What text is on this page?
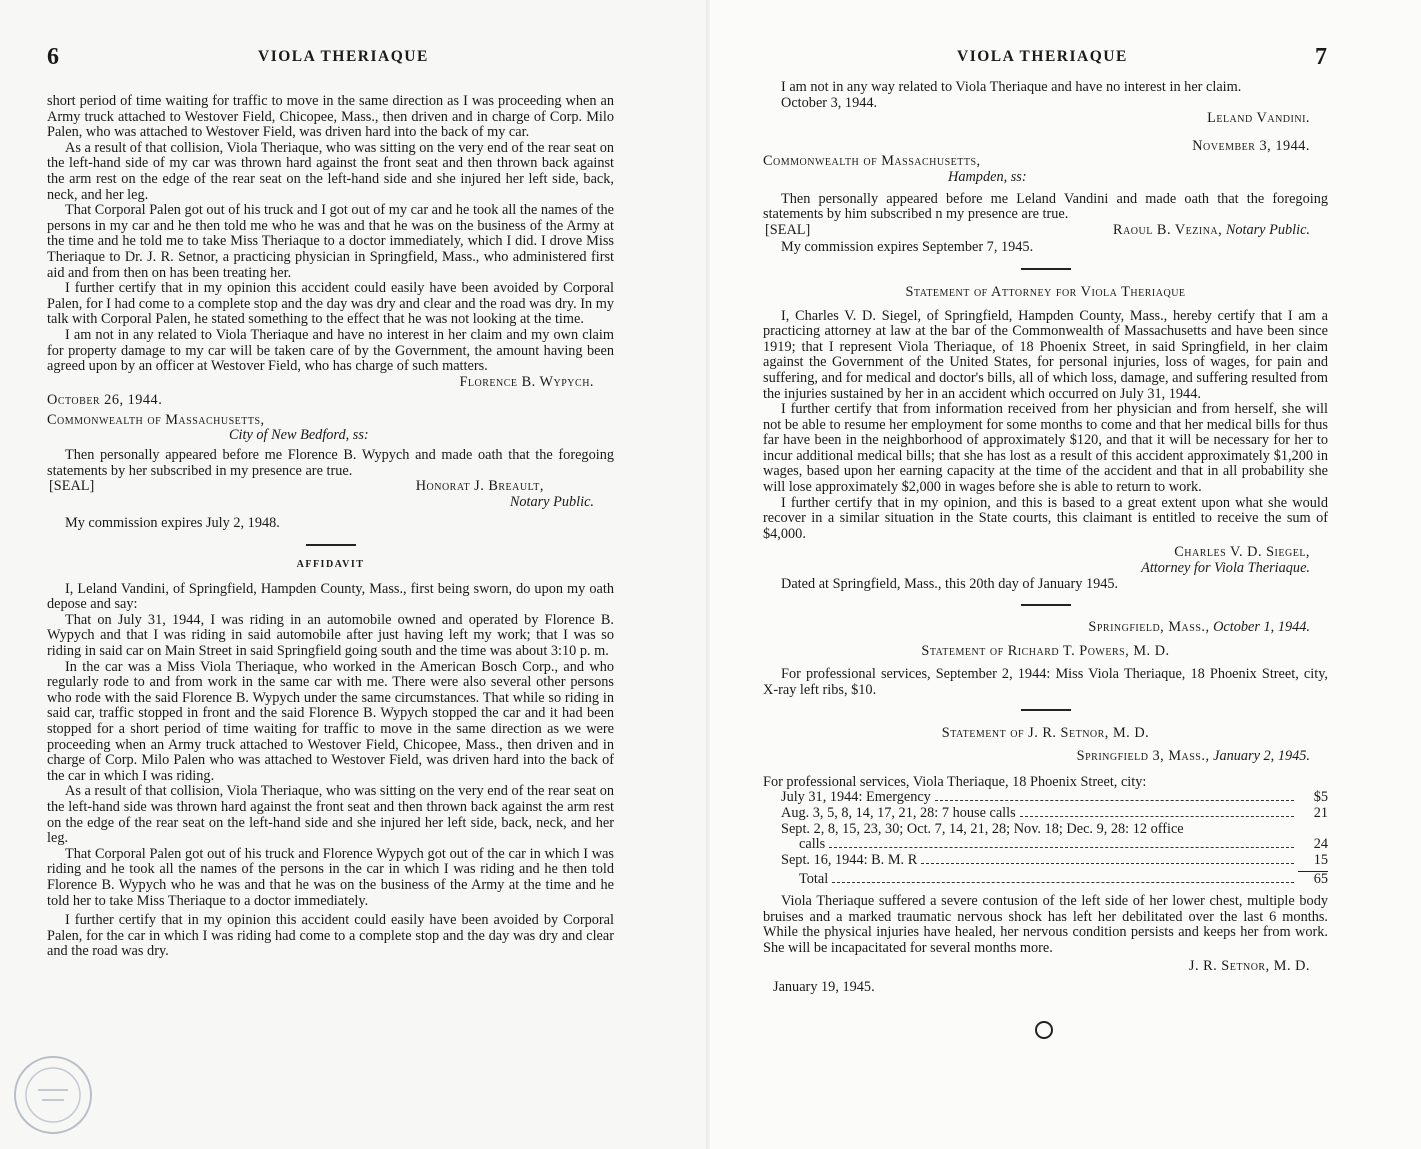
6	VIOLA THERIAQUE

short period of time waiting for traffic to move in the same direction as I was proceeding when an Army truck attached to Westover Field, Chicopee, Mass., then driven and in charge of Corp. Milo Palen, who was attached to Westover Field, was driven hard into the back of my car.

As a result of that collision, Viola Theriaque, who was sitting on the very end of the rear seat on the left-hand side of my car was thrown hard against the front seat and then thrown back against the arm rest on the edge of the rear seat on the left-hand side and she injured her left side, back, neck, and her leg.

That Corporal Palen got out of his truck and I got out of my car and he took all the names of the persons in my car and he then told me who he was and that he was on the business of the Army at the time and he told me to take Miss Theriaque to a doctor immediately, which I did. I drove Miss Theriaque to Dr. J. R. Setnor, a practicing physician in Springfield, Mass., who administered first aid and from then on has been treating her.

I further certify that in my opinion this accident could easily have been avoided by Corporal Palen, for I had come to a complete stop and the day was dry and clear and the road was dry. In my talk with Corporal Palen, he stated something to the effect that he was not looking at the time.

I am not in any related to Viola Theriaque and have no interest in her claim and my own claim for property damage to my car will be taken care of by the Government, the amount having been agreed upon by an officer at Westover Field, who has charge of such matters.

Florence B. Wypych.

October 26, 1944.

Commonwealth of Massachusetts,

City of New Bedford, ss:

Then personally appeared before me Florence B. Wypych and made oath that the foregoing statements by her subscribed in my presence are true.

[SEAL]	Honorat J. Breault,

Notary Public.

My commission expires July 2, 1948.

AFFIDAVIT

I, Leland Vandini, of Springfield, Hampden County, Mass., first being sworn, do upon my oath depose and say:

That on July 31, 1944, I was riding in an automobile owned and operated by Florence B. Wypych and that I was riding in said automobile after just having left my work; that I was so riding in said car on Main Street in said Springfield going south and the time was about 3:10 p. m.

In the car was a Miss Viola Theriaque, who worked in the American Bosch Corp., and who regularly rode to and from work in the same car with me. There were also several other persons who rode with the said Florence B. Wypych under the same circumstances. That while so riding in said car, traffic stopped in front and the said Florence B. Wypych stopped the car and it had been stopped for a short period of time waiting for traffic to move in the same direction as we were proceeding when an Army truck attached to Westover Field, Chicopee, Mass., then driven and in charge of Corp. Milo Palen who was attached to Westover Field, was driven hard into the back of the car in which I was riding.

As a result of that collision, Viola Theriaque, who was sitting on the very end of the rear seat on the left-hand side was thrown hard against the front seat and then thrown back against the arm rest on the edge of the rear seat on the left-hand side and she injured her left side, back, neck, and her leg.

That Corporal Palen got out of his truck and Florence Wypych got out of the car in which I was riding and he took all the names of the persons in the car in which I was riding and he then told Florence B. Wypych who he was and that he was on the business of the Army at the time and he told her to take Miss Theriaque to a doctor immediately.

I further certify that in my opinion this accident could easily have been avoided by Corporal Palen, for the car in which I was riding had come to a complete stop and the day was dry and clear and the road was dry.

VIOLA THERIAQUE	7

I am not in any way related to Viola Theriaque and have no interest in her claim.

October 3, 1944.

Leland Vandini.

November 3, 1944.

Commonwealth of Massachusetts,

Hampden, ss:

Then personally appeared before me Leland Vandini and made oath that the foregoing statements by him subscribed n my presence are true.

[SEAL]	Raoul B. Vezina, Notary Public.

My commission expires September 7, 1945.

Statement of Attorney for Viola Theriaque

I, Charles V. D. Siegel, of Springfield, Hampden County, Mass., hereby certify that I am a practicing attorney at law at the bar of the Commonwealth of Massachusetts and have been since 1919; that I represent Viola Theriaque, of 18 Phoenix Street, in said Springfield, in her claim against the Government of the United States, for personal injuries, loss of wages, for pain and suffering, and for medical and doctor's bills, all of which loss, damage, and suffering resulted from the injuries sustained by her in an accident which occurred on July 31, 1944.

I further certify that from information received from her physician and from herself, she will not be able to resume her employment for some months to come and that her medical bills for thus far have been in the neighborhood of approximately $120, and that it will be necessary for her to incur additional medical bills; that she has lost as a result of this accident approximately $1,200 in wages, based upon her earning capacity at the time of the accident and that in all probability she will lose approximately $2,000 in wages before she is able to return to work.

I further certify that in my opinion, and this is based to a great extent upon what she would recover in a similar situation in the State courts, this claimant is entitled to receive the sum of $4,000.

Charles V. D. Siegel,

Attorney for Viola Theriaque.

Dated at Springfield, Mass., this 20th day of January 1945.

Springfield, Mass., October 1, 1944.

Statement of Richard T. Powers, M. D.

For professional services, September 2, 1944: Miss Viola Theriaque, 18 Phoenix Street, city, X-ray left ribs, $10.

Statement of J. R. Setnor, M. D.

Springfield 3, Mass., January 2, 1945.

For professional services, Viola Theriaque, 18 Phoenix Street, city:

July 31, 1944: Emergency	$5
Aug. 3, 5, 8, 14, 17, 21, 28: 7 house calls	21
Sept. 2, 8, 15, 23, 30; Oct. 7, 14, 21, 28; Nov. 18; Dec. 9, 28: 12 office
calls	24
Sept. 16, 1944: B. M. R	15
Total	65

Viola Theriaque suffered a severe contusion of the left side of her lower chest, multiple body bruises and a marked traumatic nervous shock has left her debilitated over the last 6 months. While the physical injuries have healed, her nervous condition persists and keeps her from work. She will be incapacitated for several months more.

J. R. Setnor, M. D.

January 19, 1945.
